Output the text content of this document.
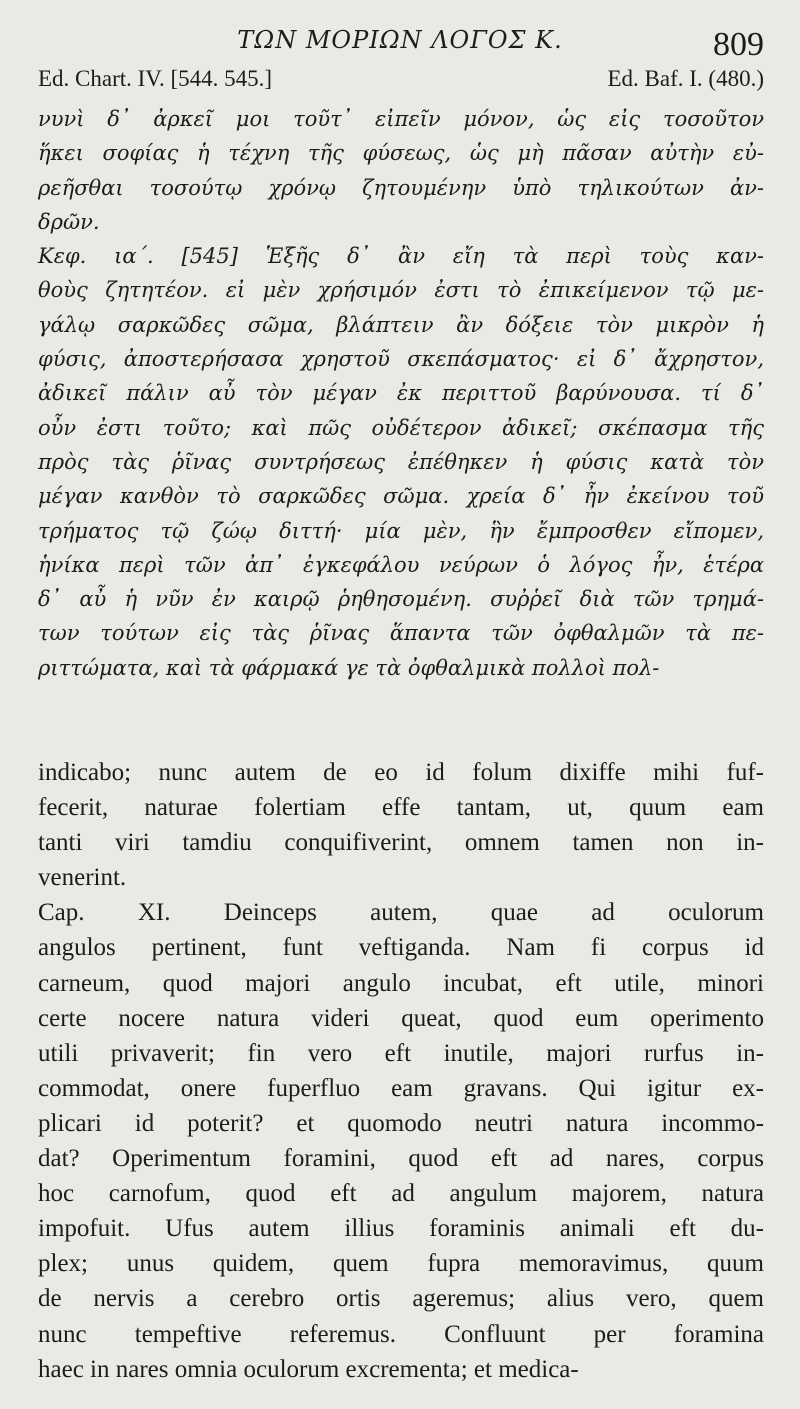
ΤΩΝ ΜΟΡΙΩΝ ΛΟΓΟΣ Κ.	809
Ed. Chart. IV. [544. 545.]	Ed. Baf. I. (480.)
νυνὶ δ᾽ ἀρκεῖ μοι τοῦτ᾽ εἰπεῖν μόνον, ὡς εἰς τοσοῦτον
ἥκει σοφίας ἡ τέχνη τῆς φύσεως, ὡς μὴ πᾶσαν αὐτὴν εὐ-
ρεῆσθαι τοσούτῳ χρόνῳ ζητουμένην ὑπὸ τηλικούτων ἀν-
δρῶν.
Κεφ. ια΄. [545] Ἑξῆς δ᾽ ἂν εἴη τὰ περὶ τοὺς καν-
θοὺς ζητητέον. εἰ μὲν χρήσιμόν ἐστι τὸ ἐπικείμενον τῷ με-
γάλῳ σαρκῶδες σῶμα, βλάπτειν ἂν δόξειε τὸν μικρὸν ἡ
φύσις, ἀποστερήσασα χρηστοῦ σκεπάσματος· εἰ δ᾽ ἄχρηστον,
ἀδικεῖ πάλιν αὖ τὸν μέγαν ἐκ περιττοῦ βαρύνουσα. τί δ᾽
οὖν ἐστι τοῦτο; καὶ πῶς οὐδέτερον ἀδικεῖ; σκέπασμα τῆς
πρὸς τὰς ῥῖνας συντρήσεως ἐπέθηκεν ἡ φύσις κατὰ τὸν
μέγαν κανθὸν τὸ σαρκῶδες σῶμα. χρεία δ᾽ ἦν ἐκείνου τοῦ
τρήματος τῷ ζώῳ διττή· μία μὲν, ἣν ἔμπροσθεν εἴπομεν,
ἡνίκα περὶ τῶν ἀπ᾽ ἐγκεφάλου νεύρων ὁ λόγος ἦν, ἑτέρα
δ᾽ αὖ ἡ νῦν ἐν καιρῷ ῥηθησομένη. συῤῥεῖ διὰ τῶν τρημά-
των τούτων εἰς τὰς ῥῖνας ἅπαντα τῶν ὀφθαλμῶν τὰ πε-
ριττώματα, καὶ τὰ φάρμακά γε τὰ ὀφθαλμικὰ πολλοὶ πολ-
indicabo; nunc autem de eo id folum dixiffe mihi fuf-
fecerit, naturae folertiam effe tantam, ut, quum eam
tanti viri tamdiu conquifiverint, omnem tamen non in-
venerint.
Cap. XI. Deinceps autem, quae ad oculorum
angulos pertinent, funt veftiganda. Nam fi corpus id
carneum, quod majori angulo incubat, eft utile, minori
certe nocere natura videri queat, quod eum operimento
utili privaverit; fin vero eft inutile, majori rurfus in-
commodat, onere fuperfluo eam gravans. Qui igitur ex-
plicari id poterit? et quomodo neutri natura incommo-
dat? Operimentum foramini, quod eft ad nares, corpus
hoc carnofum, quod eft ad angulum majorem, natura
impofuit. Ufus autem illius foraminis animali eft du-
plex; unus quidem, quem fupra memoravimus, quum
de nervis a cerebro ortis ageremus; alius vero, quem
nunc tempeftive referemus. Confluunt per foramina
haec in nares omnia oculorum excrementa; et medica-
